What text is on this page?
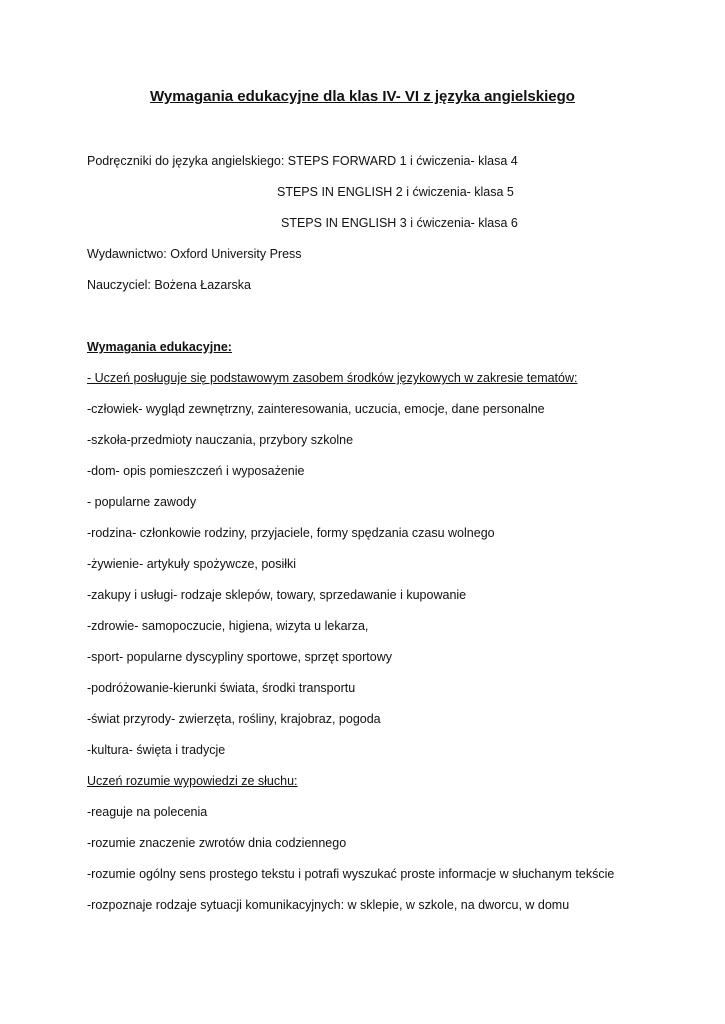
Wymagania edukacyjne dla klas IV- VI z języka angielskiego
Podręczniki do języka angielskiego: STEPS FORWARD 1 i ćwiczenia- klasa 4
STEPS IN ENGLISH 2 i ćwiczenia- klasa 5
STEPS IN ENGLISH 3 i ćwiczenia- klasa 6
Wydawnictwo: Oxford University Press
Nauczyciel: Bożena Łazarska
Wymagania edukacyjne:
- Uczeń posługuje się podstawowym zasobem środków językowych w zakresie tematów:
-człowiek- wygląd zewnętrzny, zainteresowania, uczucia, emocje, dane personalne
-szkoła-przedmioty nauczania, przybory szkolne
-dom- opis pomieszczeń i wyposażenie
- popularne zawody
-rodzina- członkowie rodziny, przyjaciele, formy spędzania czasu wolnego
-żywienie- artykuły spożywcze, posiłki
-zakupy i usługi- rodzaje sklepów, towary, sprzedawanie i kupowanie
-zdrowie- samopoczucie, higiena, wizyta u lekarza,
-sport- popularne dyscypliny sportowe, sprzęt sportowy
-podróżowanie-kierunki świata, środki transportu
-świat przyrody- zwierzęta, rośliny, krajobraz, pogoda
-kultura- święta i tradycje
Uczeń rozumie wypowiedzi ze słuchu:
-reaguje na polecenia
-rozumie znaczenie zwrotów dnia codziennego
-rozumie ogólny sens prostego tekstu i potrafi wyszukać proste informacje w słuchanym tekście
-rozpoznaje rodzaje sytuacji komunikacyjnych: w sklepie, w szkole, na dworcu, w domu
